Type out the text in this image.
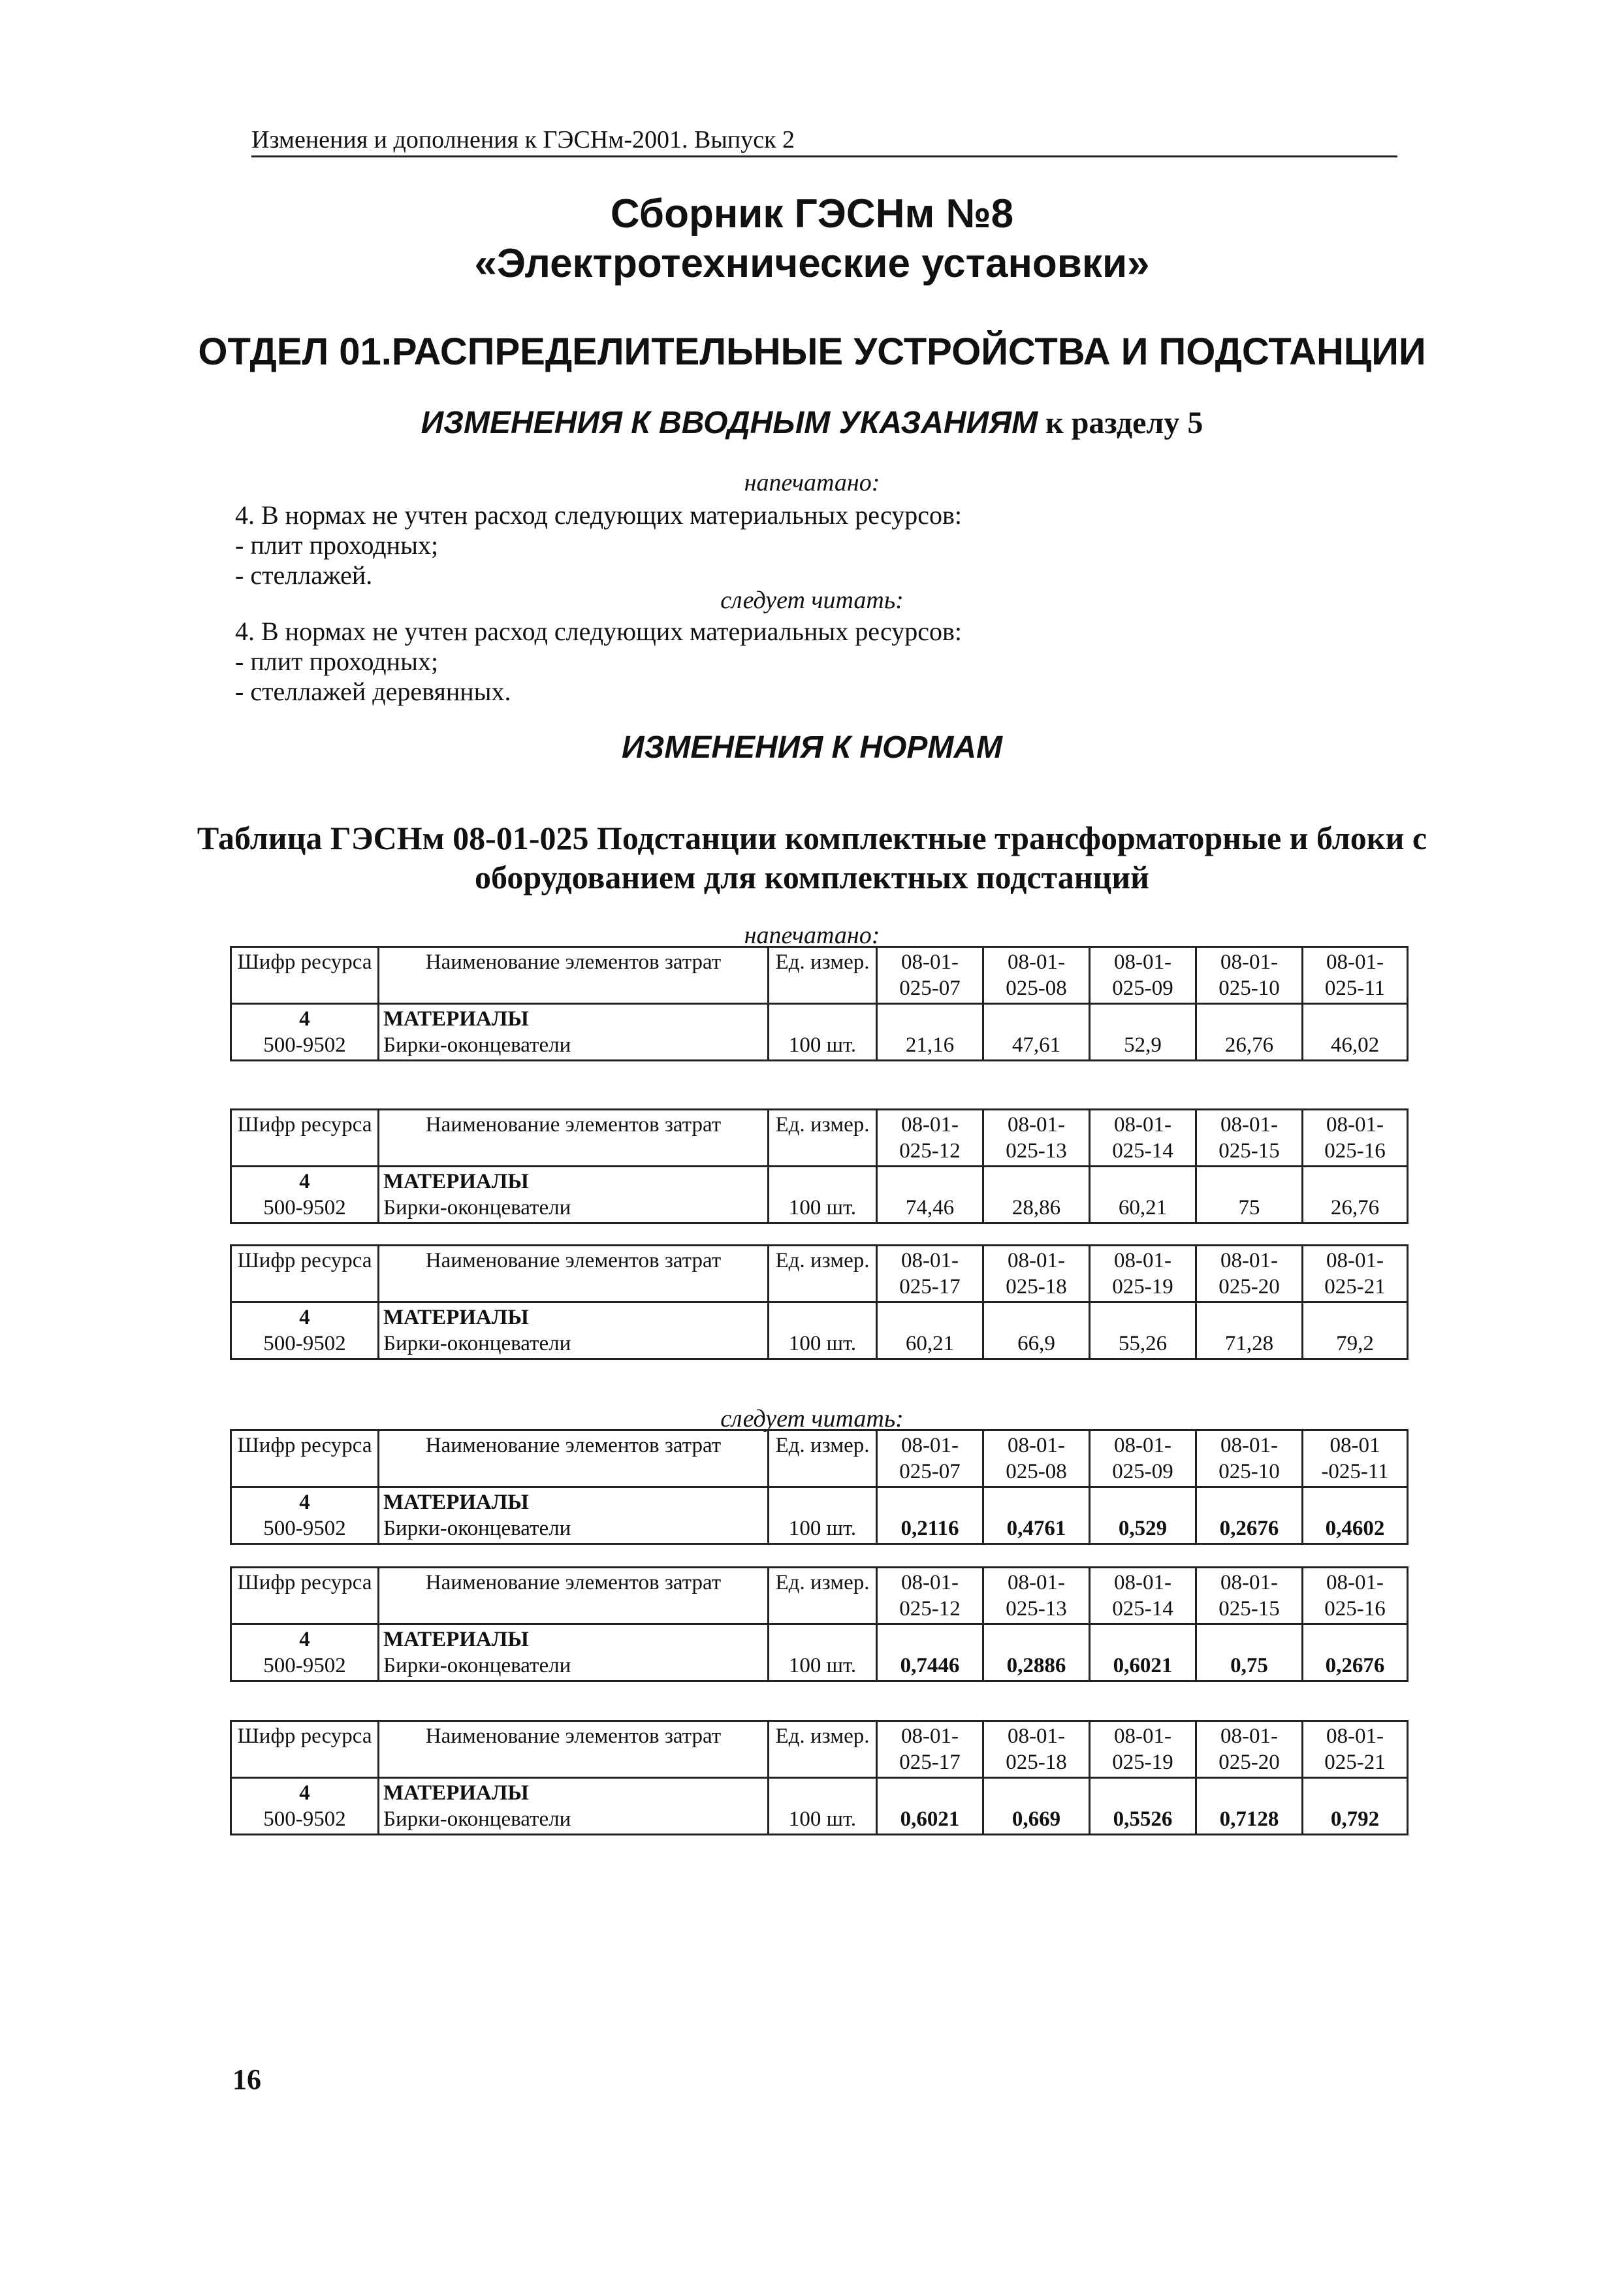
Изменения и дополнения к ГЭСНм-2001. Выпуск 2
Сборник ГЭСНм №8
«Электротехнические установки»
ОТДЕЛ 01.РАСПРЕДЕЛИТЕЛЬНЫЕ УСТРОЙСТВА И ПОДСТАНЦИИ
ИЗМЕНЕНИЯ К ВВОДНЫМ УКАЗАНИЯМ к разделу 5
напечатано:
4. В нормах не учтен расход следующих материальных ресурсов:
- плит проходных;
- стеллажей.
следует читать:
4. В нормах не учтен расход следующих материальных ресурсов:
- плит проходных;
- стеллажей деревянных.
ИЗМЕНЕНИЯ К НОРМАМ
Таблица ГЭСНм 08-01-025 Подстанции комплектные трансформаторные и блоки с
оборудованием для комплектных подстанций
напечатано:
Шифр ресурса	Наименование элементов затрат	Ед. измер.	08-01-
025-07	08-01-
025-08	08-01-
025-09	08-01-
025-10	08-01-
025-11
4
500-9502	МАТЕРИАЛЫ
Бирки-оконцеватели	100 шт.	21,16	47,61	52,9	26,76	46,02
Шифр ресурса	Наименование элементов затрат	Ед. измер.	08-01-
025-12	08-01-
025-13	08-01-
025-14	08-01-
025-15	08-01-
025-16
4
500-9502	МАТЕРИАЛЫ
Бирки-оконцеватели	100 шт.	74,46	28,86	60,21	75	26,76
Шифр ресурса	Наименование элементов затрат	Ед. измер.	08-01-
025-17	08-01-
025-18	08-01-
025-19	08-01-
025-20	08-01-
025-21
4
500-9502	МАТЕРИАЛЫ
Бирки-оконцеватели	100 шт.	60,21	66,9	55,26	71,28	79,2
следует читать:
Шифр ресурса	Наименование элементов затрат	Ед. измер.	08-01-
025-07	08-01-
025-08	08-01-
025-09	08-01-
025-10	08-01
-025-11
4
500-9502	МАТЕРИАЛЫ
Бирки-оконцеватели	100 шт.	0,2116	0,4761	0,529	0,2676	0,4602
Шифр ресурса	Наименование элементов затрат	Ед. измер.	08-01-
025-12	08-01-
025-13	08-01-
025-14	08-01-
025-15	08-01-
025-16
4
500-9502	МАТЕРИАЛЫ
Бирки-оконцеватели	100 шт.	0,7446	0,2886	0,6021	0,75	0,2676
Шифр ресурса	Наименование элементов затрат	Ед. измер.	08-01-
025-17	08-01-
025-18	08-01-
025-19	08-01-
025-20	08-01-
025-21
4
500-9502	МАТЕРИАЛЫ
Бирки-оконцеватели	100 шт.	0,6021	0,669	0,5526	0,7128	0,792
16
